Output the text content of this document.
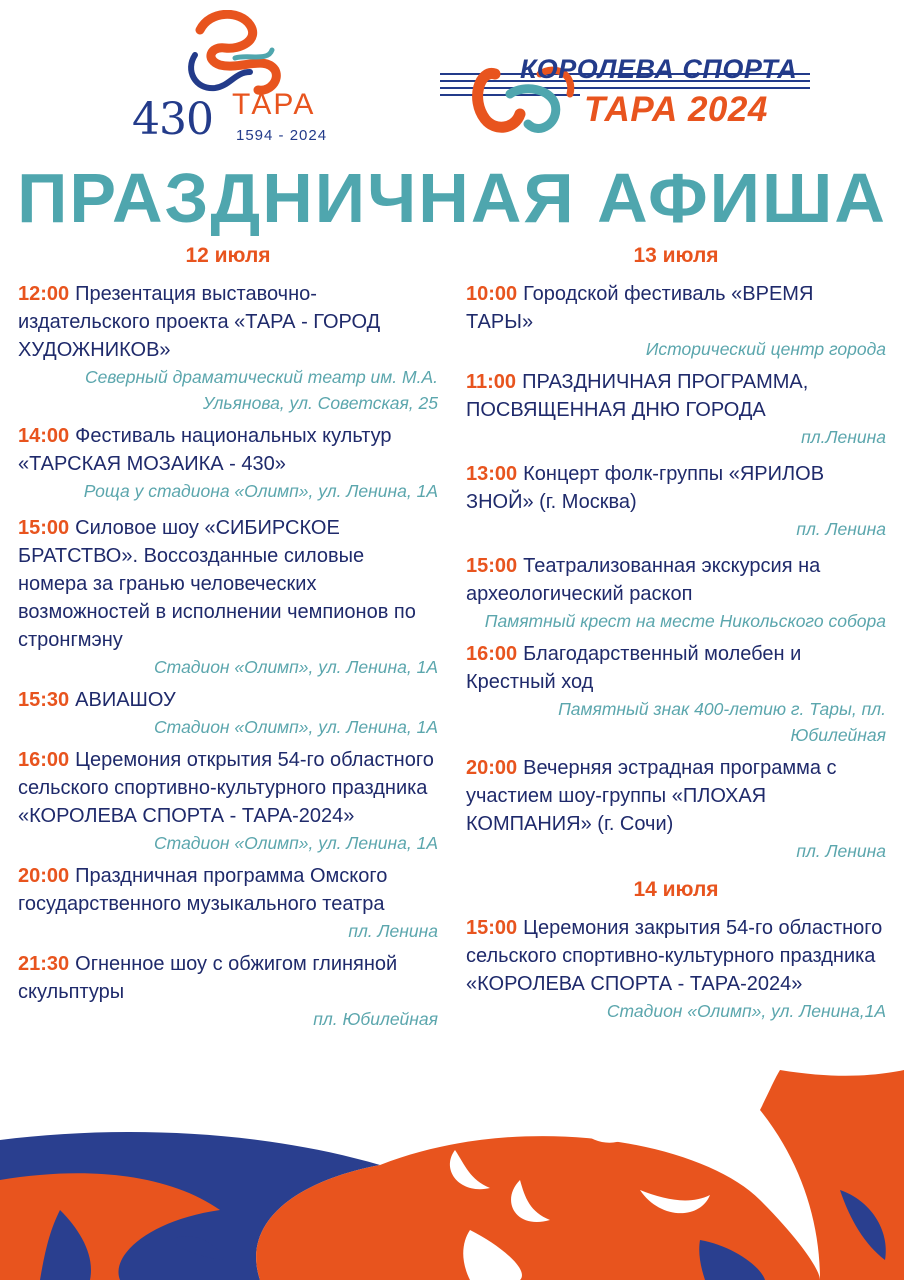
430 ТАРА
1594 - 2024
КОРОЛЕВА СПОРТА
ТАРА 2024
ПРАЗДНИЧНАЯ АФИША
12 июля
12:00 Презентация выставочно-издательского проекта «ТАРА - ГОРОД ХУДОЖНИКОВ»
Северный драматический театр им. М.А. Ульянова, ул. Советская, 25
14:00 Фестиваль национальных культур «ТАРСКАЯ МОЗАИКА - 430»
Роща у стадиона «Олимп», ул. Ленина, 1А
15:00 Силовое шоу «СИБИРСКОЕ БРАТСТВО». Воссозданные силовые номера за гранью человеческих возможностей в исполнении чемпионов по стронгмэну
Стадион «Олимп», ул. Ленина, 1А
15:30 АВИАШОУ
Стадион «Олимп», ул. Ленина, 1А
16:00 Церемония открытия 54-го областного сельского спортивно-культурного праздника «КОРОЛЕВА СПОРТА - ТАРА-2024»
Стадион «Олимп», ул. Ленина, 1А
20:00 Праздничная программа Омского государственного музыкального театра
пл. Ленина
21:30 Огненное шоу с обжигом глиняной скульптуры
пл. Юбилейная
13 июля
10:00 Городской фестиваль «ВРЕМЯ ТАРЫ»
Исторический центр города
11:00 ПРАЗДНИЧНАЯ ПРОГРАММА, ПОСВЯЩЕННАЯ ДНЮ ГОРОДА
пл.Ленина
13:00 Концерт фолк-группы «ЯРИЛОВ ЗНОЙ» (г. Москва)
пл. Ленина
15:00 Театрализованная экскурсия на археологический раскоп
Памятный крест на месте Никольского собора
16:00 Благодарственный молебен и Крестный ход
Памятный знак 400-летию г. Тары, пл. Юбилейная
20:00 Вечерняя эстрадная программа с участием шоу-группы «ПЛОХАЯ КОМПАНИЯ» (г. Сочи)
пл. Ленина
14 июля
15:00 Церемония закрытия 54-го областного сельского спортивно-культурного праздника «КОРОЛЕВА СПОРТА - ТАРА-2024»
Стадион «Олимп», ул. Ленина,1А
